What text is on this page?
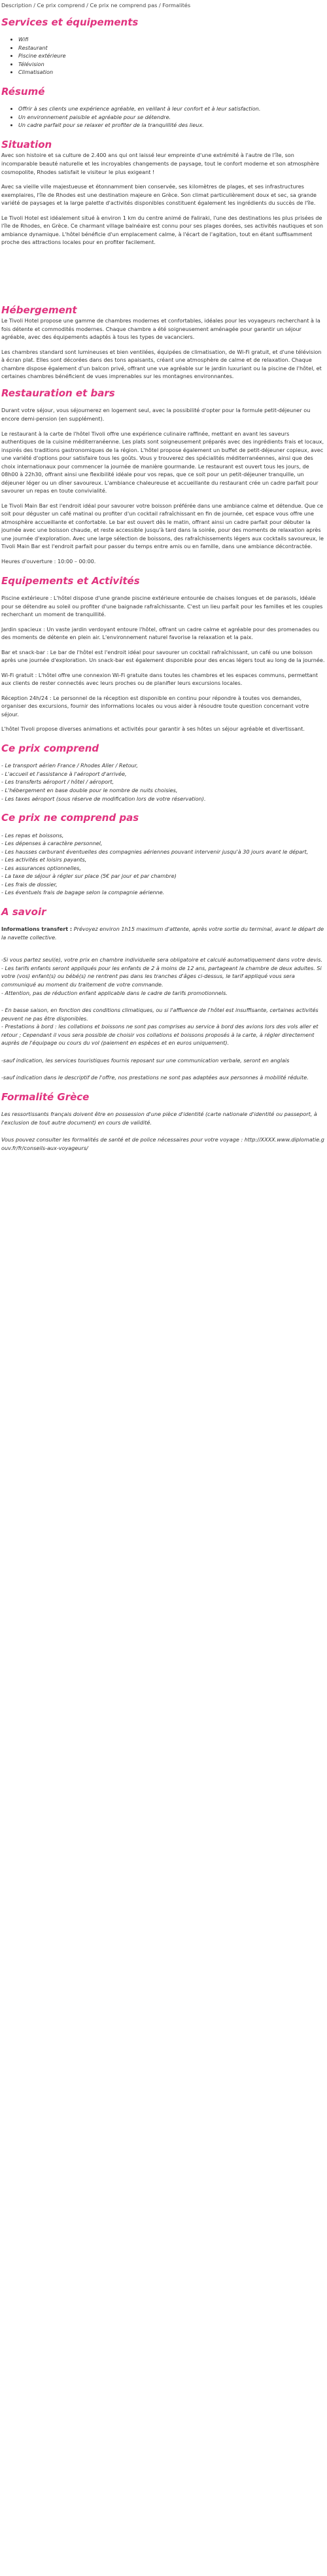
Description / Ce prix comprend / Ce prix ne comprend pas / Formalités
Services et équipements
• Wifi
• Restaurant
• Piscine extérieure
• Télévision
• Climatisation
Résumé
• Offrir à ses clients une expérience agréable, en veillant à leur confort et à leur satisfaction.
• Un environnement paisible et agréable pour se détendre.
• Un cadre parfait pour se relaxer et profiter de la tranquillité des lieux.
Situation

Avec son histoire et sa culture de 2.400 ans qui ont laissé leur empreinte d'une extrémité à l'autre de l'île, son incomparable beauté naturelle et les incroyables changements de paysage, tout le confort moderne et son atmosphère cosmopolite, Rhodes satisfait le visiteur le plus exigeant !

Avec sa vieille ville majestueuse et étonnamment bien conservée, ses kilomètres de plages, et ses infrastructures exemplaires, l'île de Rhodes est une destination majeure en Grèce. Son climat particulièrement doux et sec, sa grande variété de paysages et la large palette d'activités disponibles constituent également les ingrédients du succès de l'île.

Le Tivoli Hotel est idéalement situé à environ 1 km du centre animé de Faliraki, l'une des destinations les plus prisées de l'île de Rhodes, en Grèce. Ce charmant village balnéaire est connu pour ses plages dorées, ses activités nautiques et son ambiance dynamique. L'hôtel bénéficie d'un emplacement calme, à l'écart de l'agitation, tout en étant suffisamment proche des attractions locales pour en profiter facilement.

Hébergement

Le Tivoli Hotel propose une gamme de chambres modernes et confortables, idéales pour les voyageurs recherchant à la fois détente et commodités modernes. Chaque chambre a été soigneusement aménagée pour garantir un séjour agréable, avec des équipements adaptés à tous les types de vacanciers.

Les chambres standard sont lumineuses et bien ventilées, équipées de climatisation, de Wi-Fi gratuit, et d'une télévision à écran plat. Elles sont décorées dans des tons apaisants, créant une atmosphère de calme et de relaxation. Chaque chambre dispose également d'un balcon privé, offrant une vue agréable sur le jardin luxuriant ou la piscine de l'hôtel, et certaines chambres bénéficient de vues imprenables sur les montagnes environnantes.

Restauration et bars

Durant votre séjour, vous séjournerez en logement seul, avec la possibilité d'opter pour la formule petit-déjeuner ou encore demi-pension (en supplément).

Le restaurant à la carte de l'hôtel Tivoli offre une expérience culinaire raffinée, mettant en avant les saveurs authentiques de la cuisine méditerranéenne. Les plats sont soigneusement préparés avec des ingrédients frais et locaux, inspirés des traditions gastronomiques de la région. L'hôtel propose également un buffet de petit-déjeuner copieux, avec une variété d'options pour satisfaire tous les goûts. Vous y trouverez des spécialités méditerranéennes, ainsi que des choix internationaux pour commencer la journée de manière gourmande. Le restaurant est ouvert tous les jours, de 08h00 à 22h30, offrant ainsi une flexibilité idéale pour vos repas, que ce soit pour un petit-déjeuner tranquille, un déjeuner léger ou un dîner savoureux. L'ambiance chaleureuse et accueillante du restaurant crée un cadre parfait pour savourer un repas en toute convivialité.

Le Tivoli Main Bar est l'endroit idéal pour savourer votre boisson préférée dans une ambiance calme et détendue. Que ce soit pour déguster un café matinal ou profiter d'un cocktail rafraîchissant en fin de journée, cet espace vous offre une atmosphère accueillante et confortable. Le bar est ouvert dès le matin, offrant ainsi un cadre parfait pour débuter la journée avec une boisson chaude, et reste accessible jusqu'à tard dans la soirée, pour des moments de relaxation après une journée d'exploration. Avec une large sélection de boissons, des rafraîchissements légers aux cocktails savoureux, le Tivoli Main Bar est l'endroit parfait pour passer du temps entre amis ou en famille, dans une ambiance décontractée.

Heures d'ouverture : 10:00 – 00:00.

Equipements et Activités

Piscine extérieure : L'hôtel dispose d'une grande piscine extérieure entourée de chaises longues et de parasols, idéale pour se détendre au soleil ou profiter d'une baignade rafraîchissante. C'est un lieu parfait pour les familles et les couples recherchant un moment de tranquillité.

Jardin spacieux : Un vaste jardin verdoyant entoure l'hôtel, offrant un cadre calme et agréable pour des promenades ou des moments de détente en plein air. L'environnement naturel favorise la relaxation et la paix.

Bar et snack-bar : Le bar de l'hôtel est l'endroit idéal pour savourer un cocktail rafraîchissant, un café ou une boisson après une journée d'exploration. Un snack-bar est également disponible pour des encas légers tout au long de la journée.

Wi-Fi gratuit : L'hôtel offre une connexion Wi-Fi gratuite dans toutes les chambres et les espaces communs, permettant aux clients de rester connectés avec leurs proches ou de planifier leurs excursions locales.

Réception 24h/24 : Le personnel de la réception est disponible en continu pour répondre à toutes vos demandes, organiser des excursions, fournir des informations locales ou vous aider à résoudre toute question concernant votre séjour.

L'hôtel Tivoli propose diverses animations et activités pour garantir à ses hôtes un séjour agréable et divertissant.

Ce prix comprend

- Le transport aérien France / Rhodes Aller / Retour,

- L'accueil et l'assistance à l'aéroport d'arrivée,

- Les transferts aéroport / hôtel / aéroport,

- L'hébergement en base double pour le nombre de nuits choisies,

- Les taxes aéroport (sous réserve de modification lors de votre réservation).

Ce prix ne comprend pas

- Les repas et boissons,

- Les dépenses à caractère personnel,

- Les hausses carburant éventuelles des compagnies aériennes pouvant intervenir jusqu'à 30 jours avant le départ,

- Les activités et loisirs payants,

- Les assurances optionnelles,

- La taxe de séjour à régler sur place (5€ par jour et par chambre)

- Les frais de dossier,

- Les éventuels frais de bagage selon la compagnie aérienne.

A savoir

Informations transfert : Prévoyez environ 1h15 maximum d'attente, après votre sortie du terminal, avant le départ de la navette collective.

-Si vous partez seul(e), votre prix en chambre individuelle sera obligatoire et calculé automatiquement dans votre devis.
- Les tarifs enfants seront appliqués pour les enfants de 2 à moins de 12 ans, partageant la chambre de deux adultes. Si votre (vos) enfant(s) ou bébé(s) ne rentrent pas dans les tranches d'âges ci-dessus, le tarif appliqué vous sera communiqué au moment du traitement de votre commande.
- Attention, pas de réduction enfant applicable dans le cadre de tarifs promotionnels.

- En basse saison, en fonction des conditions climatiques, ou si l'affluence de l'hôtel est insuffisante, certaines activités peuvent ne pas être disponibles.
- Prestations à bord : les collations et boissons ne sont pas comprises au service à bord des avions lors des vols aller et retour ; Cependant il vous sera possible de choisir vos collations et boissons proposés à la carte, à régler directement auprès de l'équipage ou cours du vol (paiement en espèces et en euros uniquement).

-sauf indication, les services touristiques fournis reposant sur une communication verbale, seront en anglais

-sauf indication dans le descriptif de l'offre, nos prestations ne sont pas adaptées aux personnes à mobilité réduite.

Formalité Grèce

Les ressortissants français doivent être en possession d'une pièce d'identité (carte nationale d'identité ou passeport, à l'exclusion de tout autre document) en cours de validité.

Vous pouvez consulter les formalités de santé et de police nécessaires pour votre voyage : http://XXXX.www.diplomatie.gouv.fr/fr/conseils-aux-voyageurs/
